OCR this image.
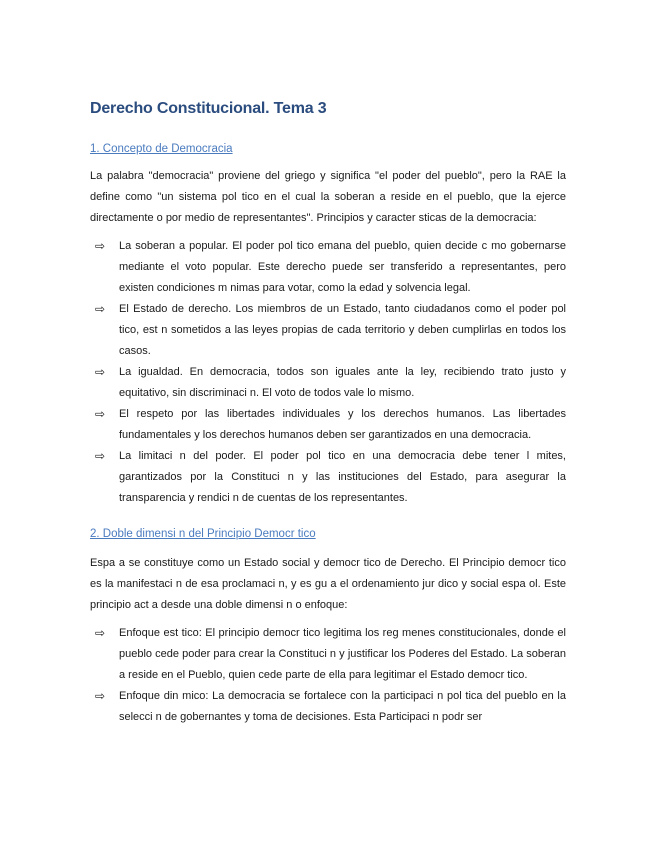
Derecho Constitucional. Tema 3
1. Concepto de Democracia
La palabra "democracia" proviene del griego y significa "el poder del pueblo", pero la RAE la define como "un sistema pol tico en el cual la soberan a reside en el pueblo, que la ejerce directamente o por medio de representantes". Principios y caracter sticas de la democracia:
⇨ La soberan a popular. El poder pol tico emana del pueblo, quien decide c mo gobernarse mediante el voto popular. Este derecho puede ser transferido a representantes, pero existen condiciones m nimas para votar, como la edad y solvencia legal.
⇨ El Estado de derecho. Los miembros de un Estado, tanto ciudadanos como el poder pol tico, est n sometidos a las leyes propias de cada territorio y deben cumplirlas en todos los casos.
⇨ La igualdad. En democracia, todos son iguales ante la ley, recibiendo trato justo y equitativo, sin discriminaci n. El voto de todos vale lo mismo.
⇨ El respeto por las libertades individuales y los derechos humanos. Las libertades fundamentales y los derechos humanos deben ser garantizados en una democracia.
⇨ La limitaci n del poder. El poder pol tico en una democracia debe tener l mites, garantizados por la Constituci n y las instituciones del Estado, para asegurar la transparencia y rendici n de cuentas de los representantes.
2. Doble dimensi n del Principio Democr tico
Espa a se constituye como un Estado social y democr tico de Derecho. El Principio democr tico es la manifestaci n de esa proclamaci n, y es gu a el ordenamiento jur dico y social espa ol. Este principio act a desde una doble dimensi n o enfoque:
⇨ Enfoque est tico: El principio democr tico legitima los reg menes constitucionales, donde el pueblo cede poder para crear la Constituci n y justificar los Poderes del Estado. La soberan a reside en el Pueblo, quien cede parte de ella para legitimar el Estado democr tico.
⇨ Enfoque din mico: La democracia se fortalece con la participaci n pol tica del pueblo en la selecci n de gobernantes y toma de decisiones. Esta Participaci n podr ser
